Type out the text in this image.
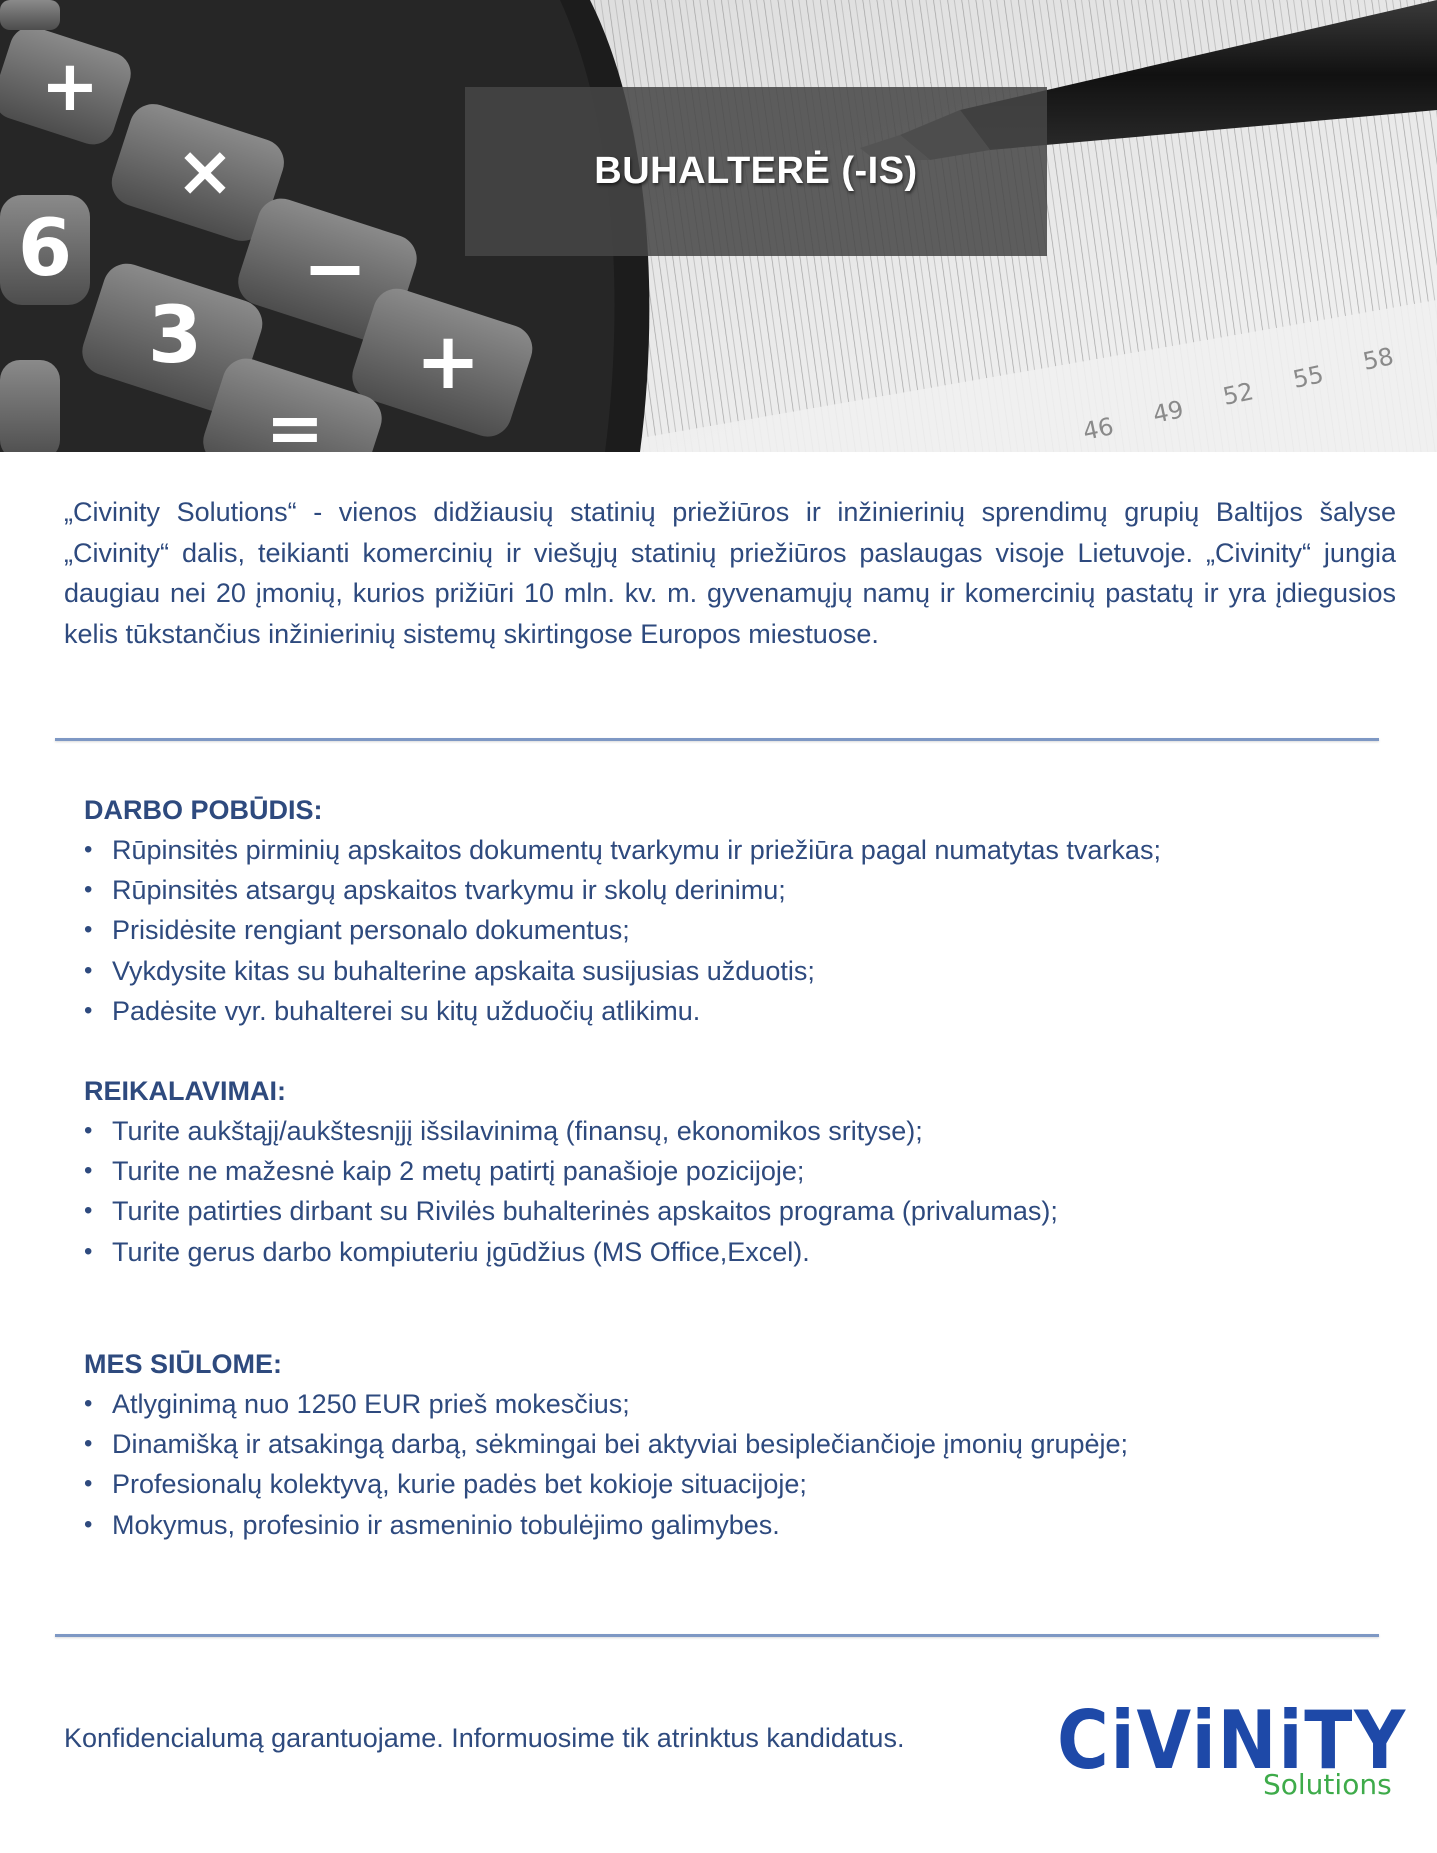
+
×
6	−
3	+
=	46
49
52
55
58
BUHALTERĖ (-IS)

„Civinity Solutions“ - vienos didžiausių statinių priežiūros ir inžinierinių sprendimų grupių Baltijos šalyse „Civinity“ dalis, teikianti komercinių ir viešųjų statinių priežiūros paslaugas visoje Lietuvoje. „Civinity“ jungia daugiau nei 20 įmonių, kurios prižiūri 10 mln. kv. m. gyvenamųjų namų ir komercinių pastatų ir yra įdiegusios kelis tūkstančius inžinierinių sistemų skirtingose Europos miestuose.

DARBO POBŪDIS:
• Rūpinsitės pirminių apskaitos dokumentų tvarkymu ir priežiūra pagal numatytas tvarkas;
• Rūpinsitės atsargų apskaitos tvarkymu ir skolų derinimu;
• Prisidėsite rengiant personalo dokumentus;
• Vykdysite kitas su buhalterine apskaita susijusias užduotis;
• Padėsite vyr. buhalterei su kitų užduočių atlikimu.
REIKALAVIMAI:
• Turite aukštąjį/aukštesnįjį išsilavinimą (finansų, ekonomikos srityse);
• Turite ne mažesnė kaip 2 metų patirtį panašioje pozicijoje;
• Turite patirties dirbant su Rivilės buhalterinės apskaitos programa (privalumas);
• Turite gerus darbo kompiuteriu įgūdžius (MS Office,Excel).
MES SIŪLOME:
• Atlyginimą nuo 1250 EUR prieš mokesčius;
• Dinamišką ir atsakingą darbą, sėkmingai bei aktyviai besiplečiančioje įmonių grupėje;
• Profesionalų kolektyvą, kurie padės bet kokioje situacijoje;
• Mokymus, profesinio ir asmeninio tobulėjimo galimybes.
Konfidencialumą garantuojame. Informuosime tik atrinktus kandidatus. CiViNiTY
Solutions
